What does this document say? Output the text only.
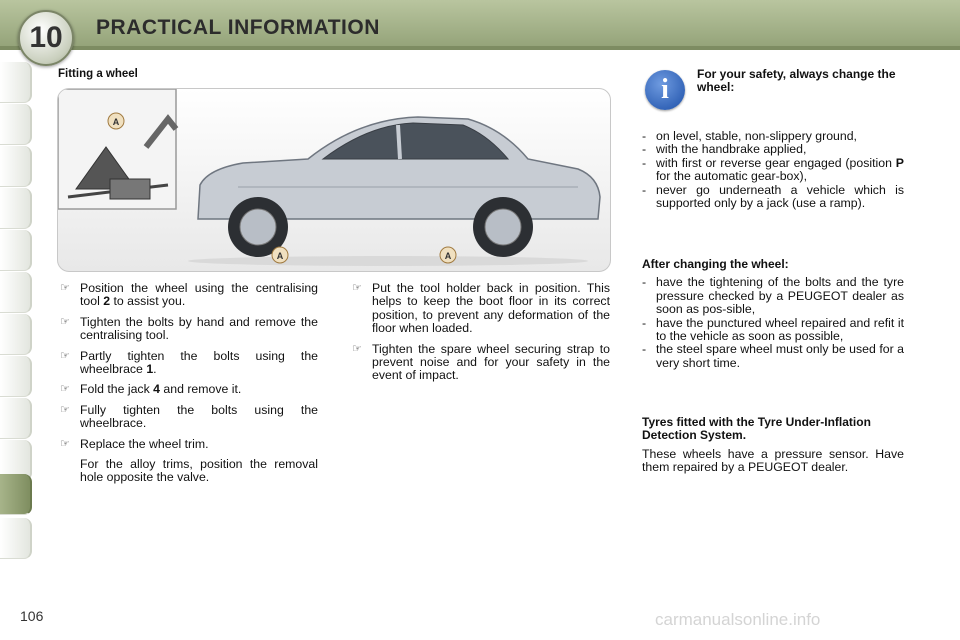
10	PRACTICAL INFORMATION
Fitting a wheel
A
A	A
☞ Position the wheel using the centralising tool 2 to assist you.
☞ Tighten the bolts by hand and remove the centralising tool.
☞ Partly tighten the bolts using the wheelbrace 1.
☞ Fold the jack 4 and remove it.
☞ Fully tighten the bolts using the wheelbrace.
☞ Replace the wheel trim.
For the alloy trims, position the removal hole opposite the valve.
☞ Put the tool holder back in position. This helps to keep the boot floor in its correct position, to prevent any deformation of the floor when loaded.
☞ Tighten the spare wheel securing strap to prevent noise and for your safety in the event of impact.
i	For your safety, always change the wheel:
- on level, stable, non-slippery ground,
- with the handbrake applied,
- with first or reverse gear engaged (position P for the automatic gear-box),
- never go underneath a vehicle which is supported only by a jack (use a ramp).
After changing the wheel:
- have the tightening of the bolts and the tyre pressure checked by a PEUGEOT dealer as soon as pos-sible,
- have the punctured wheel repaired and refit it to the vehicle as soon as possible,
- the steel spare wheel must only be used for a very short time.
Tyres fitted with the Tyre Under-Inflation Detection System.

These wheels have a pressure sensor. Have them repaired by a PEUGEOT dealer.

106	carmanualsonline.info
